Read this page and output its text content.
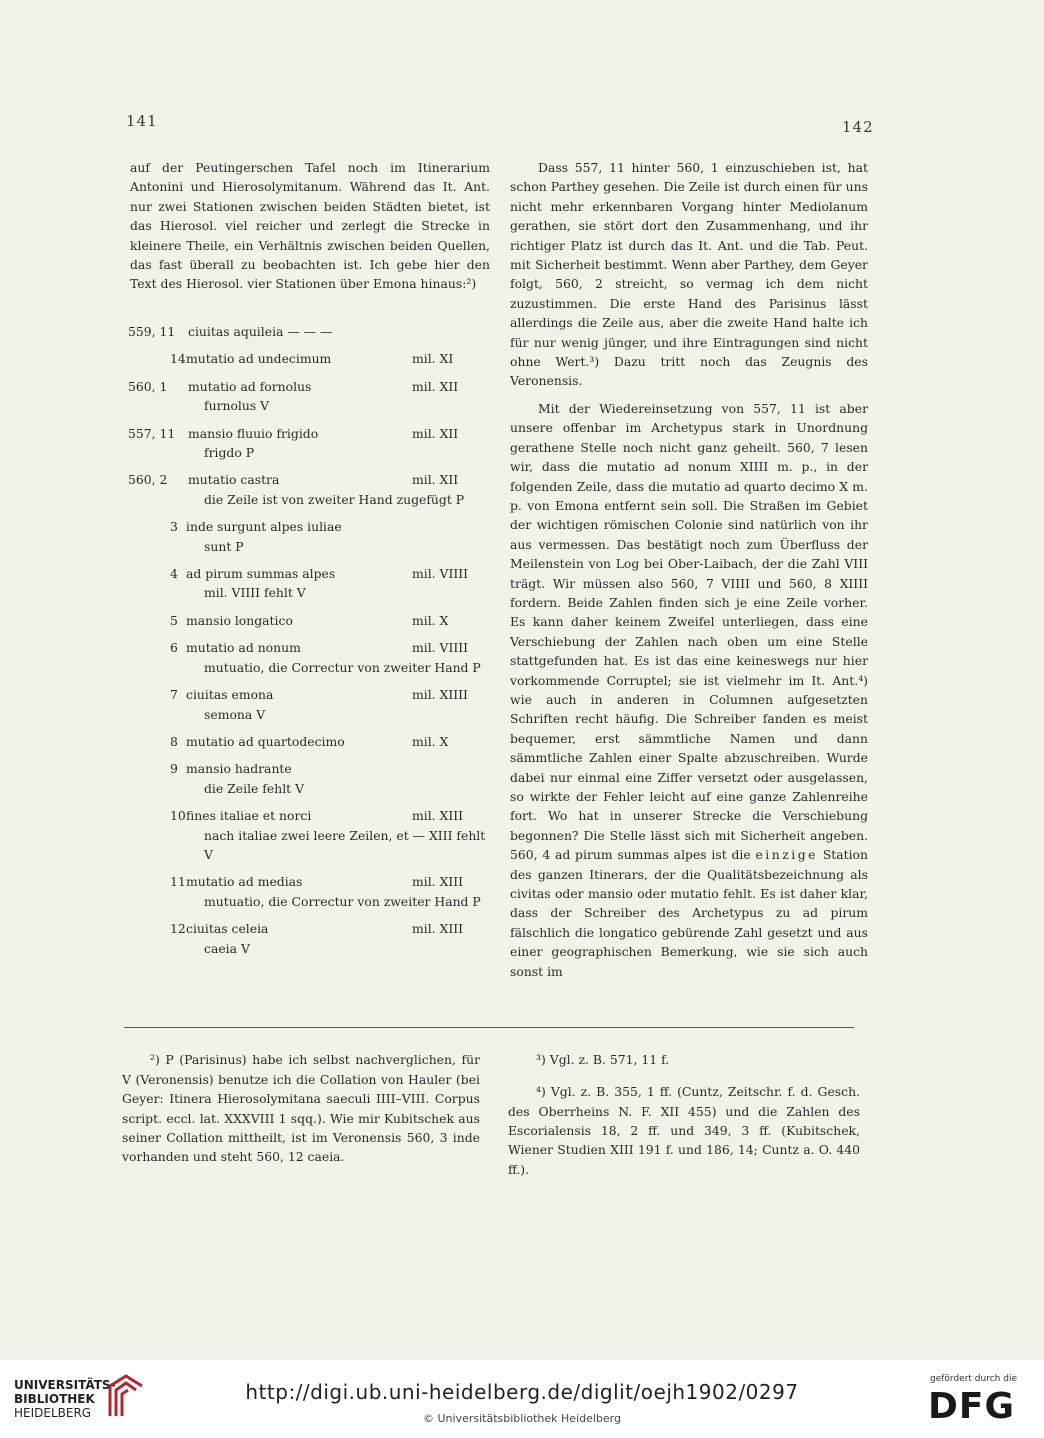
141	142

auf der Peutingerschen Tafel noch im Itinerarium Antonini und Hierosolymitanum. Während das It. Ant. nur zwei Stationen zwischen beiden Städten bietet, ist das Hierosol. viel reicher und zerlegt die Strecke in kleinere Theile, ein Verhältnis zwischen beiden Quellen, das fast überall zu beobachten ist. Ich gebe hier den Text des Hierosol. vier Stationen über Emona hinaus:²)

559, 11	ciuitas aquileia — — —
14 mutatio ad undecimum	mil. XI
560, 1	mutatio ad fornolus	mil. XII
furnolus V
557, 11	mansio fluuio frigido	mil. XII
frigdo P
560, 2	mutatio castra	mil. XII
die Zeile ist von zweiter Hand zugefügt P
3 inde surgunt alpes iuliae
sunt P
4 ad pirum summas alpes	mil. VIIII
mil. VIIII fehlt V
5 mansio longatico	mil. X
6 mutatio ad nonum	mil. VIIII
mutuatio, die Correctur von zweiter Hand P
7 ciuitas emona	mil. XIIII
semona V
8 mutatio ad quartodecimo	mil. X
9 mansio hadrante
die Zeile fehlt V
10 fines italiae et norci	mil. XIII
nach italiae zwei leere Zeilen, et — XIII fehlt V
11 mutatio ad medias	mil. XIII
mutuatio, die Correctur von zweiter Hand P
12 ciuitas celeia	mil. XIII
caeia V

Dass 557, 11 hinter 560, 1 einzuschieben ist, hat schon Parthey gesehen. Die Zeile ist durch einen für uns nicht mehr erkennbaren Vorgang hinter Mediolanum gerathen, sie stört dort den Zusammenhang, und ihr richtiger Platz ist durch das It. Ant. und die Tab. Peut. mit Sicherheit bestimmt. Wenn aber Parthey, dem Geyer folgt, 560, 2 streicht, so vermag ich dem nicht zuzustimmen. Die erste Hand des Parisinus lässt allerdings die Zeile aus, aber die zweite Hand halte ich für nur wenig jünger, und ihre Eintragungen sind nicht ohne Wert.³) Dazu tritt noch das Zeugnis des Veronensis.

Mit der Wiedereinsetzung von 557, 11 ist aber unsere offenbar im Archetypus stark in Unordnung gerathene Stelle noch nicht ganz geheilt. 560, 7 lesen wir, dass die mutatio ad nonum XIIII m. p., in der folgenden Zeile, dass die mutatio ad quarto decimo X m. p. von Emona entfernt sein soll. Die Straßen im Gebiet der wichtigen römischen Colonie sind natürlich von ihr aus vermessen. Das bestätigt noch zum Überfluss der Meilenstein von Log bei Ober-Laibach, der die Zahl VIII trägt. Wir müssen also 560, 7 VIIII und 560, 8 XIIII fordern. Beide Zahlen finden sich je eine Zeile vorher. Es kann daher keinem Zweifel unterliegen, dass eine Verschiebung der Zahlen nach oben um eine Stelle stattgefunden hat. Es ist das eine keineswegs nur hier vorkommende Corruptel; sie ist vielmehr im It. Ant.⁴) wie auch in anderen in Columnen aufgesetzten Schriften recht häufig. Die Schreiber fanden es meist bequemer, erst sämmtliche Namen und dann sämmtliche Zahlen einer Spalte abzuschreiben. Wurde dabei nur einmal eine Ziffer versetzt oder ausgelassen, so wirkte der Fehler leicht auf eine ganze Zahlenreihe fort. Wo hat in unserer Strecke die Verschiebung begonnen? Die Stelle lässt sich mit Sicherheit angeben. 560, 4 ad pirum summas alpes ist die einzige Station des ganzen Itinerars, der die Qualitätsbezeichnung als civitas oder mansio oder mutatio fehlt. Es ist daher klar, dass der Schreiber des Archetypus zu ad pirum fälschlich die longatico gebürende Zahl gesetzt und aus einer geographischen Bemerkung, wie sie sich auch sonst im

²) P (Parisinus) habe ich selbst nachverglichen, für V (Veronensis) benutze ich die Collation von Hauler (bei Geyer: Itinera Hierosolymitana saeculi IIII–VIII. Corpus script. eccl. lat. XXXVIII 1 sqq.). Wie mir Kubitschek aus seiner Collation mittheilt, ist im Veronensis 560, 3 inde vorhanden und steht 560, 12 caeia.

³) Vgl. z. B. 571, 11 f.

⁴) Vgl. z. B. 355, 1 ff. (Cuntz, Zeitschr. f. d. Gesch. des Oberrheins N. F. XII 455) und die Zahlen des Escorialensis 18, 2 ff. und 349, 3 ff. (Kubitschek, Wiener Studien XIII 191 f. und 186, 14; Cuntz a. O. 440 ff.).

UNIVERSITÄTS-
BIBLIOTHEK
HEIDELBERG
http://digi.ub.uni-heidelberg.de/diglit/oejh1902/0297
© Universitätsbibliothek Heidelberg
gefördert durch die
DFG
